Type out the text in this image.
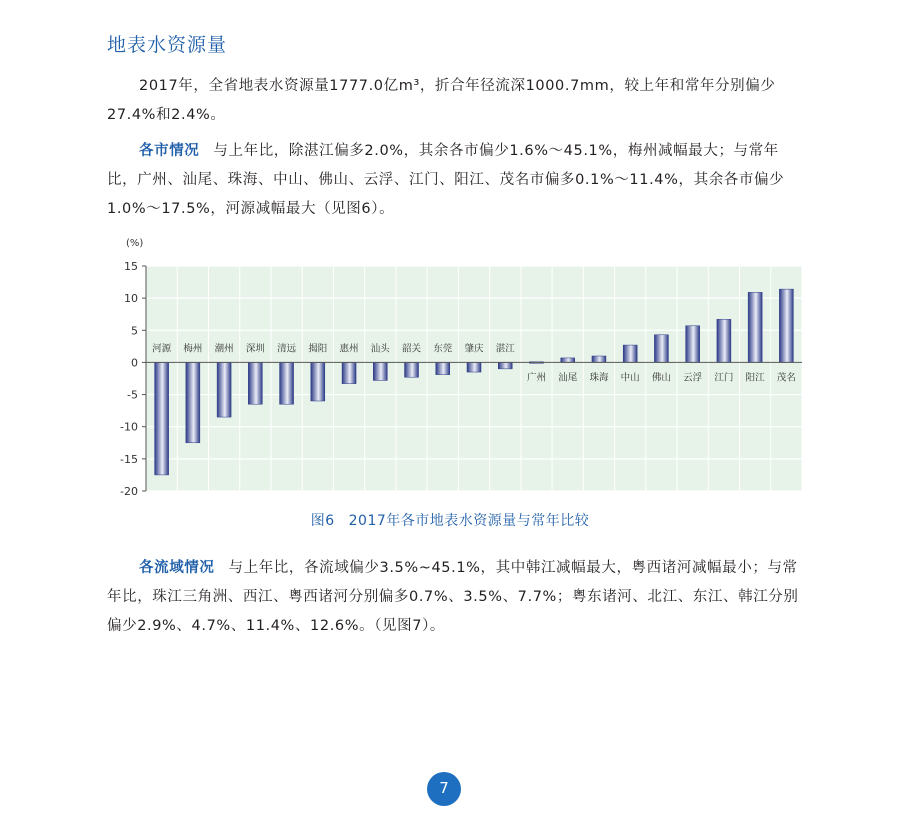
地表水资源量

2017年，全省地表水资源量1777.0亿m³，折合年径流深1000.7mm，较上年和常年分别偏少27.4%和2.4%。

各市情况 与上年比，除湛江偏多2.0%，其余各市偏少1.6%～45.1%，梅州减幅最大；与常年比，广州、汕尾、珠海、中山、佛山、云浮、江门、阳江、茂名市偏多0.1%～11.4%，其余各市偏少1.0%～17.5%，河源减幅最大（见图6）。

河源 梅州 潮州 深圳 清远 揭阳 惠州 汕头 韶关 东莞 肇庆 湛江
广州 汕尾 珠海 中山 佛山 云浮 江门 阳江 茂名
15
10
5
0
-5
-10
-15
-20
(%)
图6 2017年各市地表水资源量与常年比较

各流域情况 与上年比，各流域偏少3.5%~45.1%，其中韩江减幅最大，粤西诸河减幅最小；与常年比，珠江三角洲、西江、粤西诸河分别偏多0.7%、3.5%、7.7%；粤东诸河、北江、东江、韩江分别偏少2.9%、4.7%、11.4%、12.6%。（见图7）。

7
